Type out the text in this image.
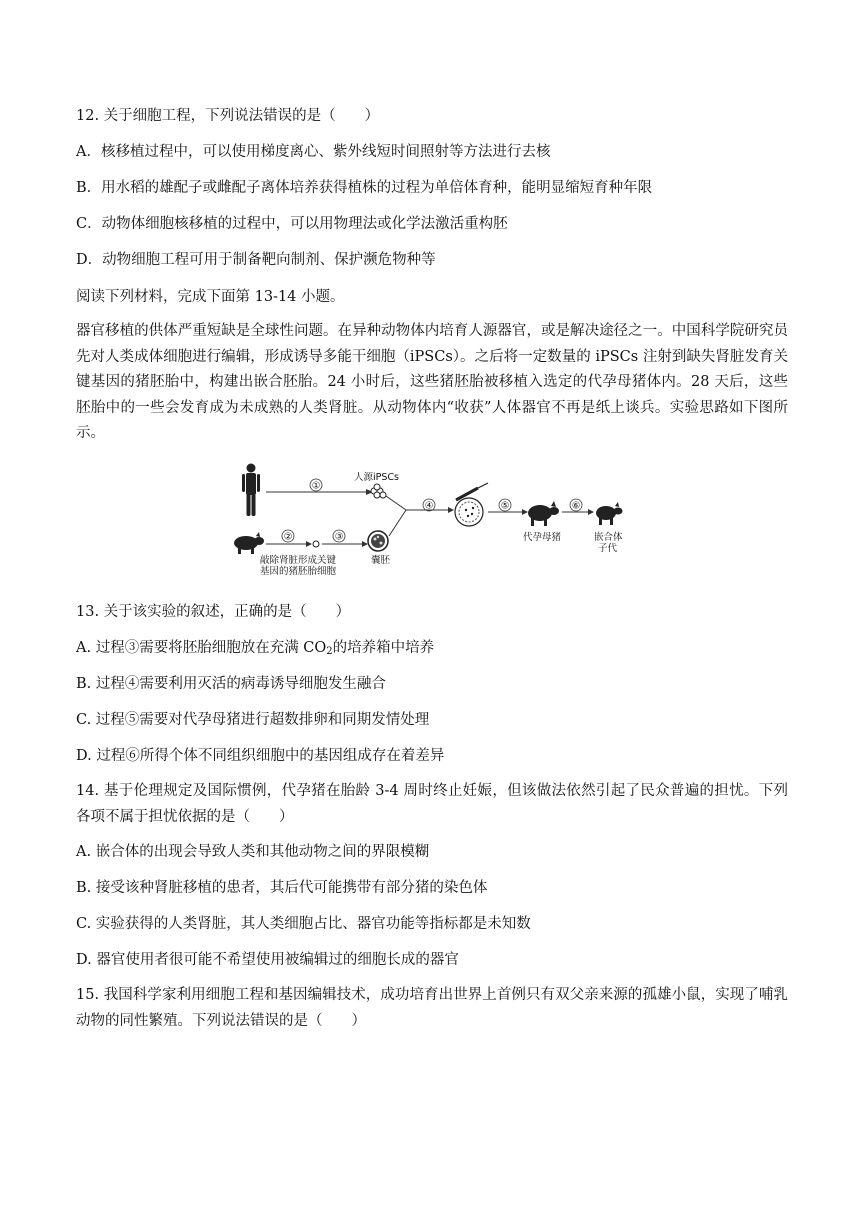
12. 关于细胞工程，下列说法错误的是（　　）
A．核移植过程中，可以使用梯度离心、紫外线短时间照射等方法进行去核
B．用水稻的雄配子或雌配子离体培养获得植株的过程为单倍体育种，能明显缩短育种年限
C．动物体细胞核移植的过程中，可以用物理法或化学法激活重构胚
D．动物细胞工程可用于制备靶向制剂、保护濒危物种等
阅读下列材料，完成下面第 13-14 小题。
器官移植的供体严重短缺是全球性问题。在异种动物体内培育人源器官，或是解决途径之一。中国科学院研究员先对人类成体细胞进行编辑，形成诱导多能干细胞（iPSCs）。之后将一定数量的 iPSCs 注射到缺失肾脏发育关键基因的猪胚胎中，构建出嵌合胚胎。24 小时后，这些猪胚胎被移植入选定的代孕母猪体内。28 天后，这些胚胎中的一些会发育成为未成熟的人类肾脏。从动物体内“收获”人体器官不再是纸上谈兵。实验思路如下图所示。
①
人源iPSCs
②	③
敲除肾脏形成关键
基因的猪胚胎细胞
囊胚
④	⑤
代孕母猪
⑥
嵌合体
子代
13. 关于该实验的叙述，正确的是（　　）
A. 过程③需要将胚胎细胞放在充满 $CO_2$的培养箱中培养
B. 过程④需要利用灭活的病毒诱导细胞发生融合
C. 过程⑤需要对代孕母猪进行超数排卵和同期发情处理
D. 过程⑥所得个体不同组织细胞中的基因组成存在着差异
14. 基于伦理规定及国际惯例，代孕猪在胎龄 3-4 周时终止妊娠，但该做法依然引起了民众普遍的担忧。下列各项不属于担忧依据的是（　　）
A. 嵌合体的出现会导致人类和其他动物之间的界限模糊
B. 接受该种肾脏移植的患者，其后代可能携带有部分猪的染色体
C. 实验获得的人类肾脏，其人类细胞占比、器官功能等指标都是未知数
D. 器官使用者很可能不希望使用被编辑过的细胞长成的器官
15. 我国科学家利用细胞工程和基因编辑技术，成功培育出世界上首例只有双父亲来源的孤雄小鼠，实现了哺乳动物的同性繁殖。下列说法错误的是（　　）
